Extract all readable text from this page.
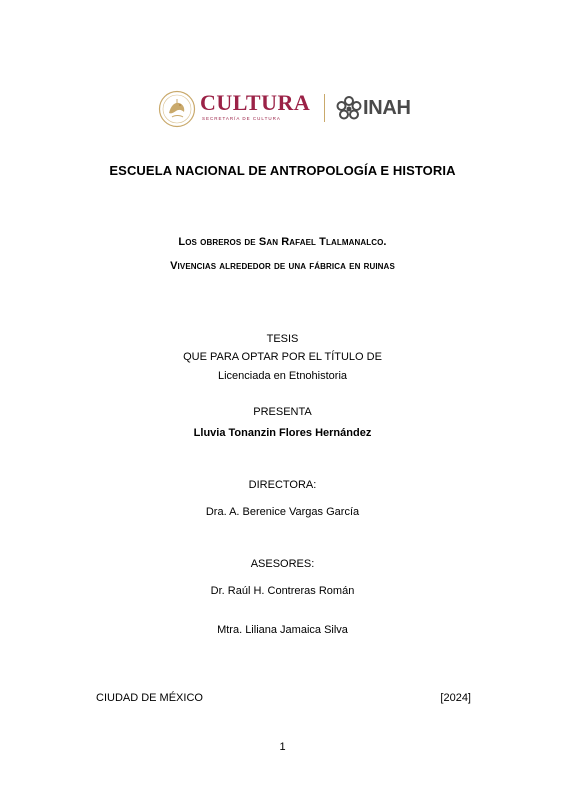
CULTURA
SECRETARÍA DE CULTURA	INAH
ESCUELA NACIONAL DE ANTROPOLOGÍA E HISTORIA
Los obreros de San Rafael Tlalmanalco.
Vivencias alrededor de una fábrica en ruinas
TESIS
QUE PARA OPTAR POR EL TÍTULO DE
Licenciada en Etnohistoria
PRESENTA
Lluvia Tonanzin Flores Hernández
DIRECTORA:
Dra. A. Berenice Vargas García
ASESORES:
Dr. Raúl H. Contreras Román
Mtra. Liliana Jamaica Silva
CIUDAD DE MÉXICO	[2024]
1
